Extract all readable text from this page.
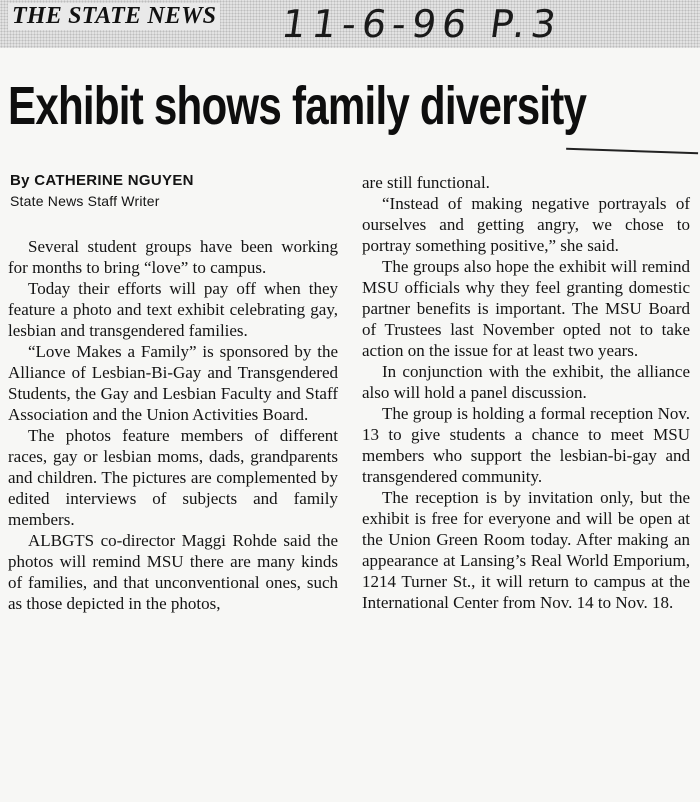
THE STATE NEWS 11-6-96 P.3
Exhibit shows family diversity
By CATHERINE NGUYEN
State News Staff Writer

Several student groups have been working for months to bring “love” to campus.

Today their efforts will pay off when they feature a photo and text exhibit celebrating gay, lesbian and transgendered families.

“Love Makes a Family” is sponsored by the Alliance of Lesbian-Bi-Gay and Transgendered Students, the Gay and Lesbian Faculty and Staff Association and the Union Activities Board.

The photos feature members of different races, gay or lesbian moms, dads, grandparents and children. The pictures are complemented by edited interviews of subjects and family members.

ALBGTS co-director Maggi Rohde said the photos will remind MSU there are many kinds of families, and that unconventional ones, such as those depicted in the photos,

are still functional.

“Instead of making negative portrayals of ourselves and getting angry, we chose to portray something positive,” she said.

The groups also hope the exhibit will remind MSU officials why they feel granting domestic partner benefits is important. The MSU Board of Trustees last November opted not to take action on the issue for at least two years.

In conjunction with the exhibit, the alliance also will hold a panel discussion.

The group is holding a formal reception Nov. 13 to give students a chance to meet MSU members who support the lesbian-bi-gay and transgendered community.

The reception is by invitation only, but the exhibit is free for everyone and will be open at the Union Green Room today. After making an appearance at Lansing’s Real World Emporium, 1214 Turner St., it will return to campus at the International Center from Nov. 14 to Nov. 18.
